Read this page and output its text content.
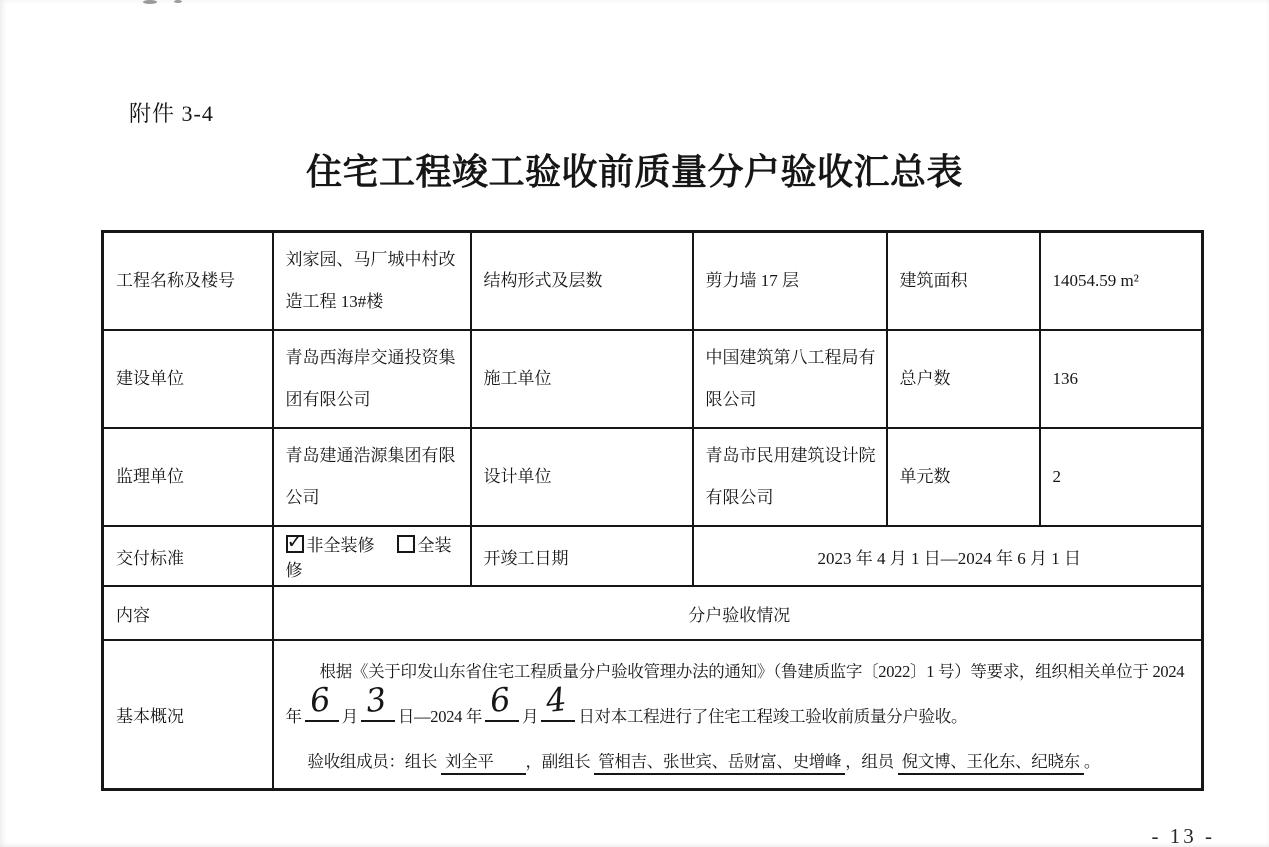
附件 3-4
住宅工程竣工验收前质量分户验收汇总表
工程名称及楼号	刘家园、马厂城中村改造工程 13#楼	结构形式及层数	剪力墙 17 层	建筑面积	14054.59 m²
建设单位	青岛西海岸交通投资集团有限公司	施工单位	中国建筑第八工程局有限公司	总户数	136
监理单位	青岛建通浩源集团有限公司	设计单位	青岛市民用建筑设计院有限公司	单元数	2
交付标准	✓ 非全装修 全装修	开竣工日期	2023 年 4 月 1 日—2024 年 6 月 1 日		
内容	分户验收情况				
基本概况	
根据《关于印发山东省住宅工程质量分户验收管理办法的通知》（鲁建质监字〔2022〕1 号）等要求，组织相关单位于 2024
年 6 月 3 日—2024 年 6 月 4 日对本工程进行了住宅工程竣工验收前质量分户验收。
验收组成员：组长 刘全平 ，副组长 管相吉、张世宾、岳财富、史增峰 ，组员 倪文博、王化东、纪晓东 。
- 13 -
